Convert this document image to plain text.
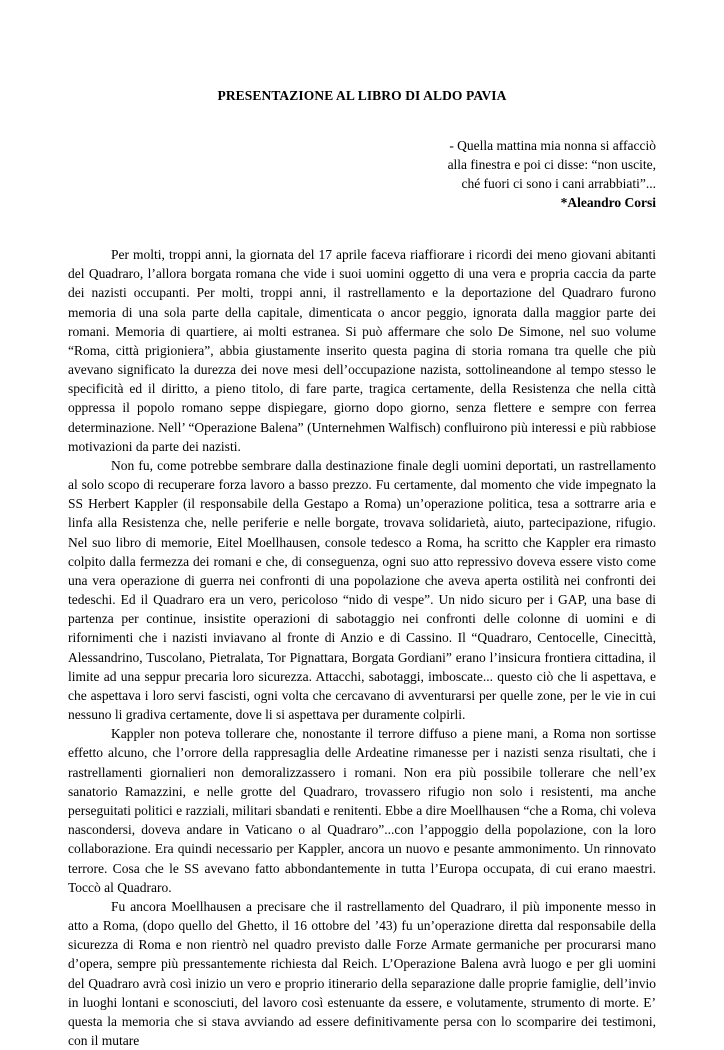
PRESENTAZIONE AL LIBRO DI ALDO PAVIA
- Quella mattina mia nonna si affacciò
alla finestra e poi ci disse: “non uscite,
ché fuori ci sono i cani arrabbiati”...
*Aleandro Corsi

Per molti, troppi anni, la giornata del 17 aprile faceva riaffiorare i ricordi dei meno giovani abitanti del Quadraro, l’allora borgata romana che vide i suoi uomini oggetto di una vera e propria caccia da parte dei nazisti occupanti. Per molti, troppi anni, il rastrellamento e la deportazione del Quadraro furono memoria di una sola parte della capitale, dimenticata o ancor peggio, ignorata dalla maggior parte dei romani. Memoria di quartiere, ai molti estranea. Si può affermare che solo De Simone, nel suo volume “Roma, città prigioniera”, abbia giustamente inserito questa pagina di storia romana tra quelle che più avevano significato la durezza dei nove mesi dell’occupazione nazista, sottolineandone al tempo stesso le specificità ed il diritto, a pieno titolo, di fare parte, tragica certamente, della Resistenza che nella città oppressa il popolo romano seppe dispiegare, giorno dopo giorno, senza flettere e sempre con ferrea determinazione. Nell’ “Operazione Balena” (Unternehmen Walfisch) confluirono più interessi e più rabbiose motivazioni da parte dei nazisti.

Non fu, come potrebbe sembrare dalla destinazione finale degli uomini deportati, un rastrellamento al solo scopo di recuperare forza lavoro a basso prezzo. Fu certamente, dal momento che vide impegnato la SS Herbert Kappler (il responsabile della Gestapo a Roma) un’operazione politica, tesa a sottrarre aria e linfa alla Resistenza che, nelle periferie e nelle borgate, trovava solidarietà, aiuto, partecipazione, rifugio. Nel suo libro di memorie, Eitel Moellhausen, console tedesco a Roma, ha scritto che Kappler era rimasto colpito dalla fermezza dei romani e che, di conseguenza, ogni suo atto repressivo doveva essere visto come una vera operazione di guerra nei confronti di una popolazione che aveva aperta ostilità nei confronti dei tedeschi. Ed il Quadraro era un vero, pericoloso “nido di vespe”. Un nido sicuro per i GAP, una base di partenza per continue, insistite operazioni di sabotaggio nei confronti delle colonne di uomini e di rifornimenti che i nazisti inviavano al fronte di Anzio e di Cassino. Il “Quadraro, Centocelle, Cinecittà, Alessandrino, Tuscolano, Pietralata, Tor Pignattara, Borgata Gordiani” erano l’insicura frontiera cittadina, il limite ad una seppur precaria loro sicurezza. Attacchi, sabotaggi, imboscate... questo ciò che li aspettava, e che aspettava i loro servi fascisti, ogni volta che cercavano di avventurarsi per quelle zone, per le vie in cui nessuno li gradiva certamente, dove li si aspettava per duramente colpirli.

Kappler non poteva tollerare che, nonostante il terrore diffuso a piene mani, a Roma non sortisse effetto alcuno, che l’orrore della rappresaglia delle Ardeatine rimanesse per i nazisti senza risultati, che i rastrellamenti giornalieri non demoralizzassero i romani. Non era più possibile tollerare che nell’ex sanatorio Ramazzini, e nelle grotte del Quadraro, trovassero rifugio non solo i resistenti, ma anche perseguitati politici e razziali, militari sbandati e renitenti. Ebbe a dire Moellhausen “che a Roma, chi voleva nascondersi, doveva andare in Vaticano o al Quadraro”...con l’appoggio della popolazione, con la loro collaborazione. Era quindi necessario per Kappler, ancora un nuovo e pesante ammonimento. Un rinnovato terrore. Cosa che le SS avevano fatto abbondantemente in tutta l’Europa occupata, di cui erano maestri. Toccò al Quadraro.

Fu ancora Moellhausen a precisare che il rastrellamento del Quadraro, il più imponente messo in atto a Roma, (dopo quello del Ghetto, il 16 ottobre del ’43) fu un’operazione diretta dal responsabile della sicurezza di Roma e non rientrò nel quadro previsto dalle Forze Armate germaniche per procurarsi mano d’opera, sempre più pressantemente richiesta dal Reich. L’Operazione Balena avrà luogo e per gli uomini del Quadraro avrà così inizio un vero e proprio itinerario della separazione dalle proprie famiglie, dell’invio in luoghi lontani e sconosciuti, del lavoro così estenuante da essere, e volutamente, strumento di morte. E’ questa la memoria che si stava avviando ad essere definitivamente persa con lo scomparire dei testimoni, con il mutare
